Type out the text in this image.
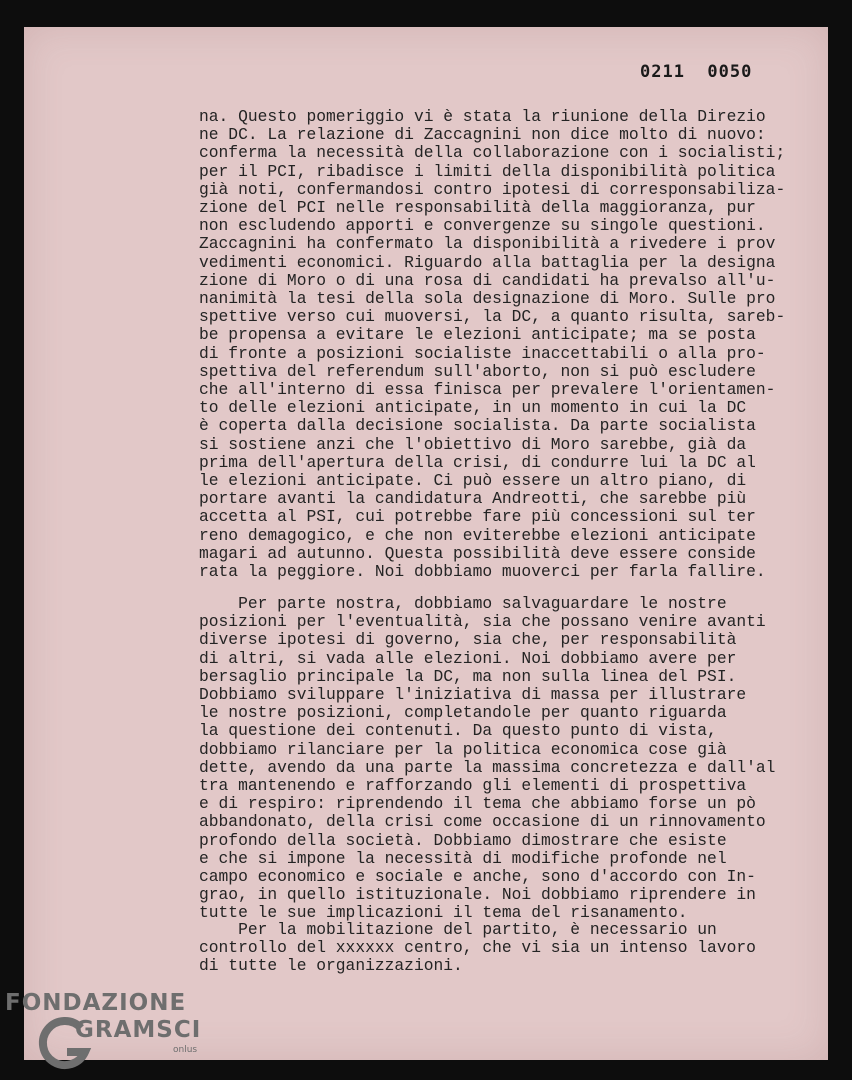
0211  0050

na. Questo pomeriggio vi è stata la riunione della Direzio
ne DC. La relazione di Zaccagnini non dice molto di nuovo:
conferma la necessità della collaborazione con i socialisti;
per il PCI, ribadisce i limiti della disponibilità politica
già noti, confermandosi contro ipotesi di corresponsabiliza-
zione del PCI nelle responsabilità della maggioranza, pur
non escludendo apporti e convergenze su singole questioni.
Zaccagnini ha confermato la disponibilità a rivedere i prov
vedimenti economici. Riguardo alla battaglia per la designa
zione di Moro o di una rosa di candidati ha prevalso all'u-
nanimità la tesi della sola designazione di Moro. Sulle pro
spettive verso cui muoversi, la DC, a quanto risulta, sareb-
be propensa a evitare le elezioni anticipate; ma se posta
di fronte a posizioni socialiste inaccettabili o alla pro-
spettiva del referendum sull'aborto, non si può escludere
che all'interno di essa finisca per prevalere l'orientamen-
to delle elezioni anticipate, in un momento in cui la DC
è coperta dalla decisione socialista. Da parte socialista
si sostiene anzi che l'obiettivo di Moro sarebbe, già da
prima dell'apertura della crisi, di condurre lui la DC al
le elezioni anticipate. Ci può essere un altro piano, di
portare avanti la candidatura Andreotti, che sarebbe più
accetta al PSI, cui potrebbe fare più concessioni sul ter
reno demagogico, e che non eviterebbe elezioni anticipate
magari ad autunno. Questa possibilità deve essere conside
rata la peggiore. Noi dobbiamo muoverci per farla fallire.

Per parte nostra, dobbiamo salvaguardare le nostre
posizioni per l'eventualità, sia che possano venire avanti
diverse ipotesi di governo, sia che, per responsabilità
di altri, si vada alle elezioni. Noi dobbiamo avere per
bersaglio principale la DC, ma non sulla linea del PSI.
Dobbiamo sviluppare l'iniziativa di massa per illustrare
le nostre posizioni, completandole per quanto riguarda
la questione dei contenuti. Da questo punto di vista,
dobbiamo rilanciare per la politica economica cose già
dette, avendo da una parte la massima concretezza e dall'al
tra mantenendo e rafforzando gli elementi di prospettiva
e di respiro: riprendendo il tema che abbiamo forse un pò
abbandonato, della crisi come occasione di un rinnovamento
profondo della società. Dobbiamo dimostrare che esiste
e che si impone la necessità di modifiche profonde nel
campo economico e sociale e anche, sono d'accordo con In-
grao, in quello istituzionale. Noi dobbiamo riprendere in
tutte le sue implicazioni il tema del risanamento.

Per la mobilitazione del partito, è necessario un
controllo del xxxxxx centro, che vi sia un intenso lavoro
di tutte le organizzazioni.

FONDAZIONE
GRAMSCI
onlus
